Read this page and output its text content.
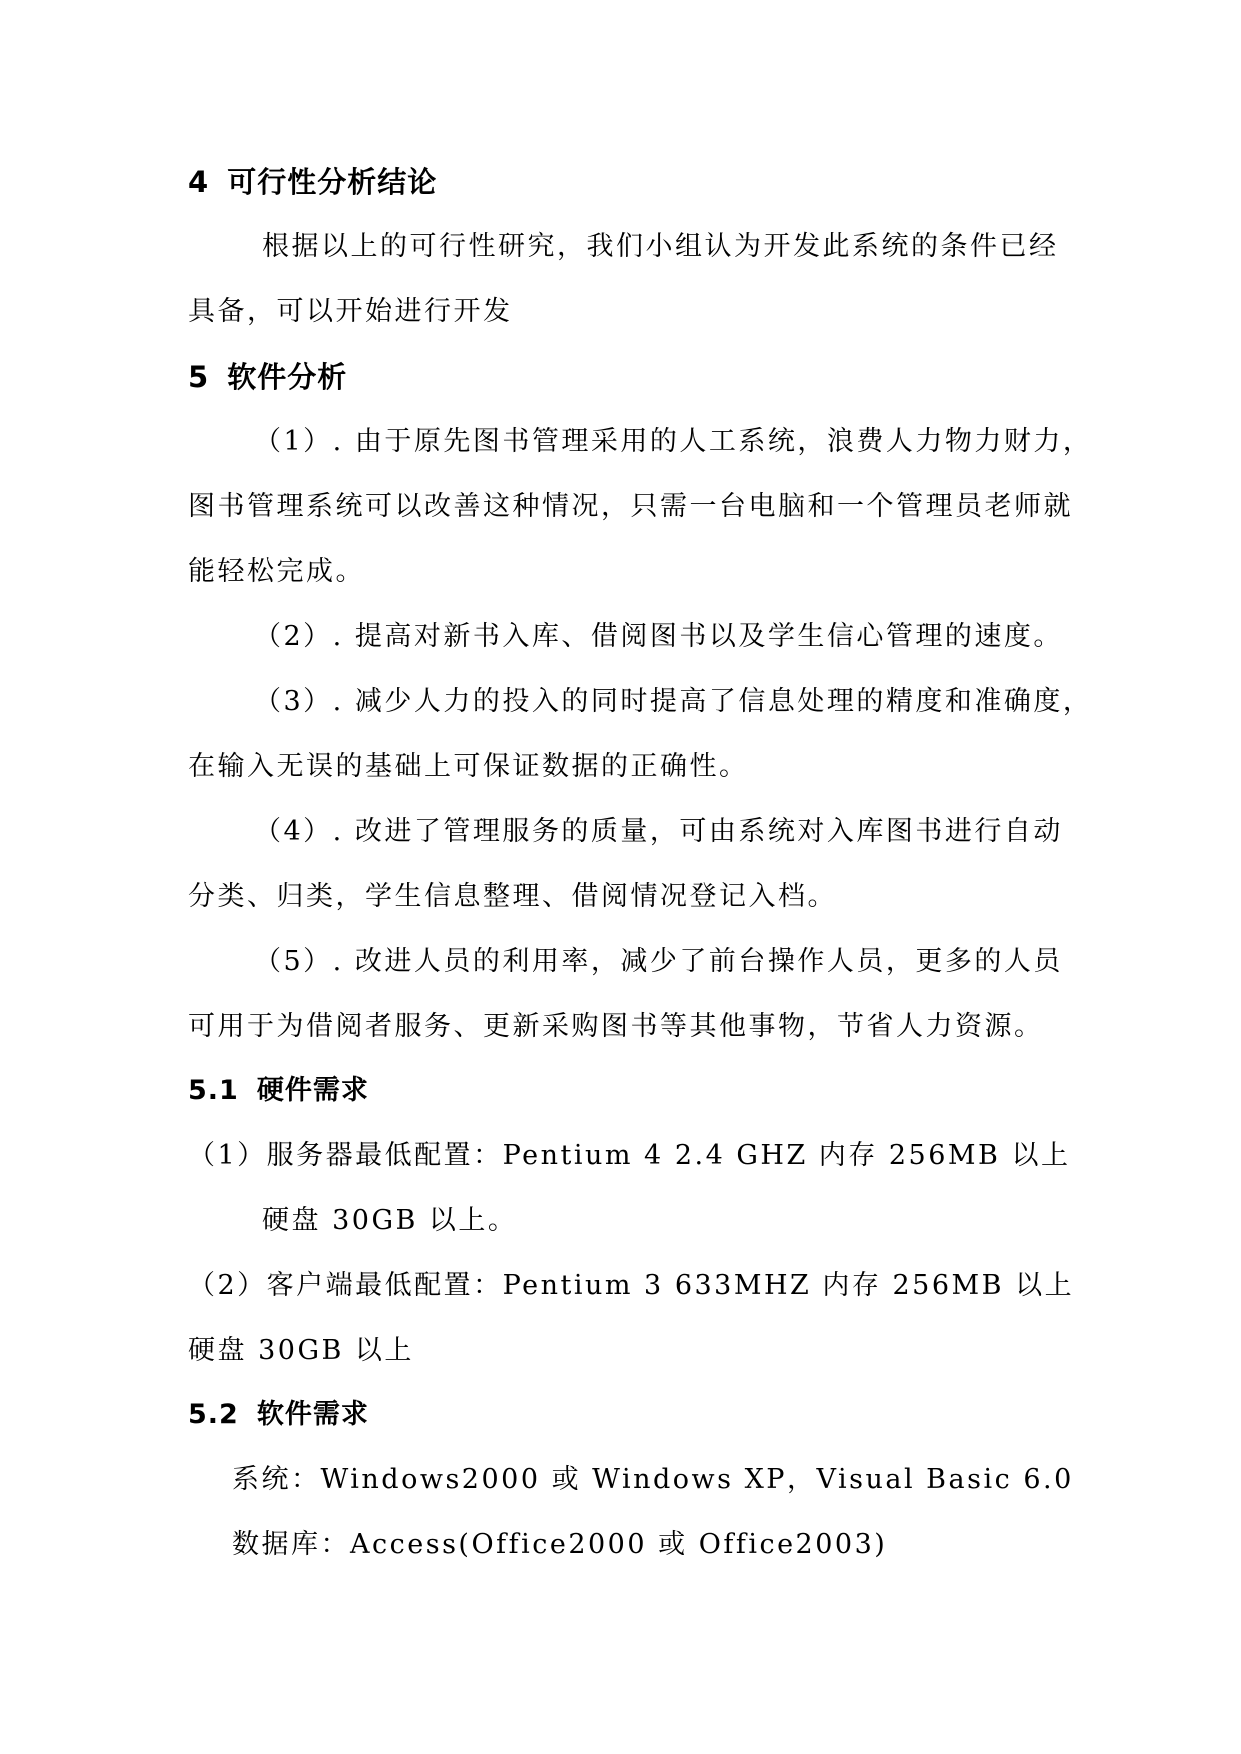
4 可行性分析结论

根据以上的可行性研究，我们小组认为开发此系统的条件已经

具备，可以开始进行开发

5 软件分析

（1）. 由于原先图书管理采用的人工系统，浪费人力物力财力，

图书管理系统可以改善这种情况，只需一台电脑和一个管理员老师就

能轻松完成。

（2）. 提高对新书入库、借阅图书以及学生信心管理的速度。

（3）. 减少人力的投入的同时提高了信息处理的精度和准确度，

在输入无误的基础上可保证数据的正确性。

（4）. 改进了管理服务的质量，可由系统对入库图书进行自动

分类、归类，学生信息整理、借阅情况登记入档。

（5）. 改进人员的利用率，减少了前台操作人员，更多的人员

可用于为借阅者服务、更新采购图书等其他事物，节省人力资源。

5.1 硬件需求

（1）服务器最低配置：Pentium 4 2.4 GHZ 内存 256MB 以上

硬盘 30GB 以上。

（2）客户端最低配置：Pentium 3 633MHZ 内存 256MB 以上

硬盘 30GB 以上

5.2 软件需求

系统：Windows2000 或 Windows XP，Visual Basic 6.0

数据库：Access(Office2000 或 Office2003)
